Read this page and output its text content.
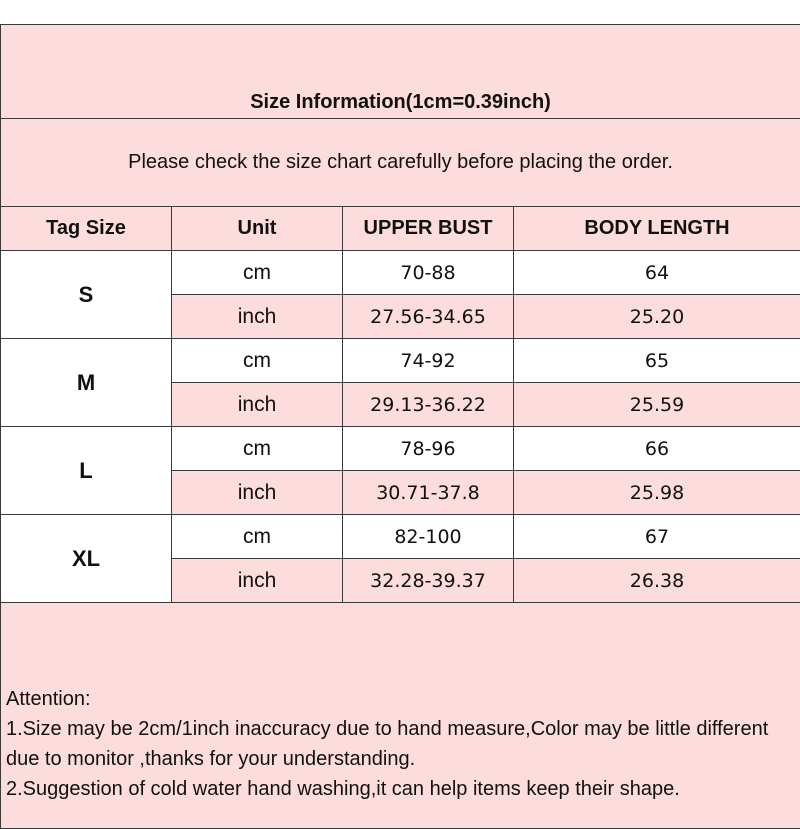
Size Information(1cm=0.39inch)			
Please check the size chart carefully before placing the order.			
Tag Size	Unit	UPPER BUST	BODY LENGTH
S	cm	70-88	64
	inch	27.56-34.65	25.20
M	cm	74-92	65
	inch	29.13-36.22	25.59
L	cm	78-96	66
	inch	30.71-37.8	25.98
XL	cm	82-100	67
	inch	32.28-39.37	26.38

Attention:
1.Size may be 2cm/1inch inaccuracy due to hand measure,Color may be little different due to monitor ,thanks for your understanding.
2.Suggestion of cold water hand washing,it can help items keep their shape.			
